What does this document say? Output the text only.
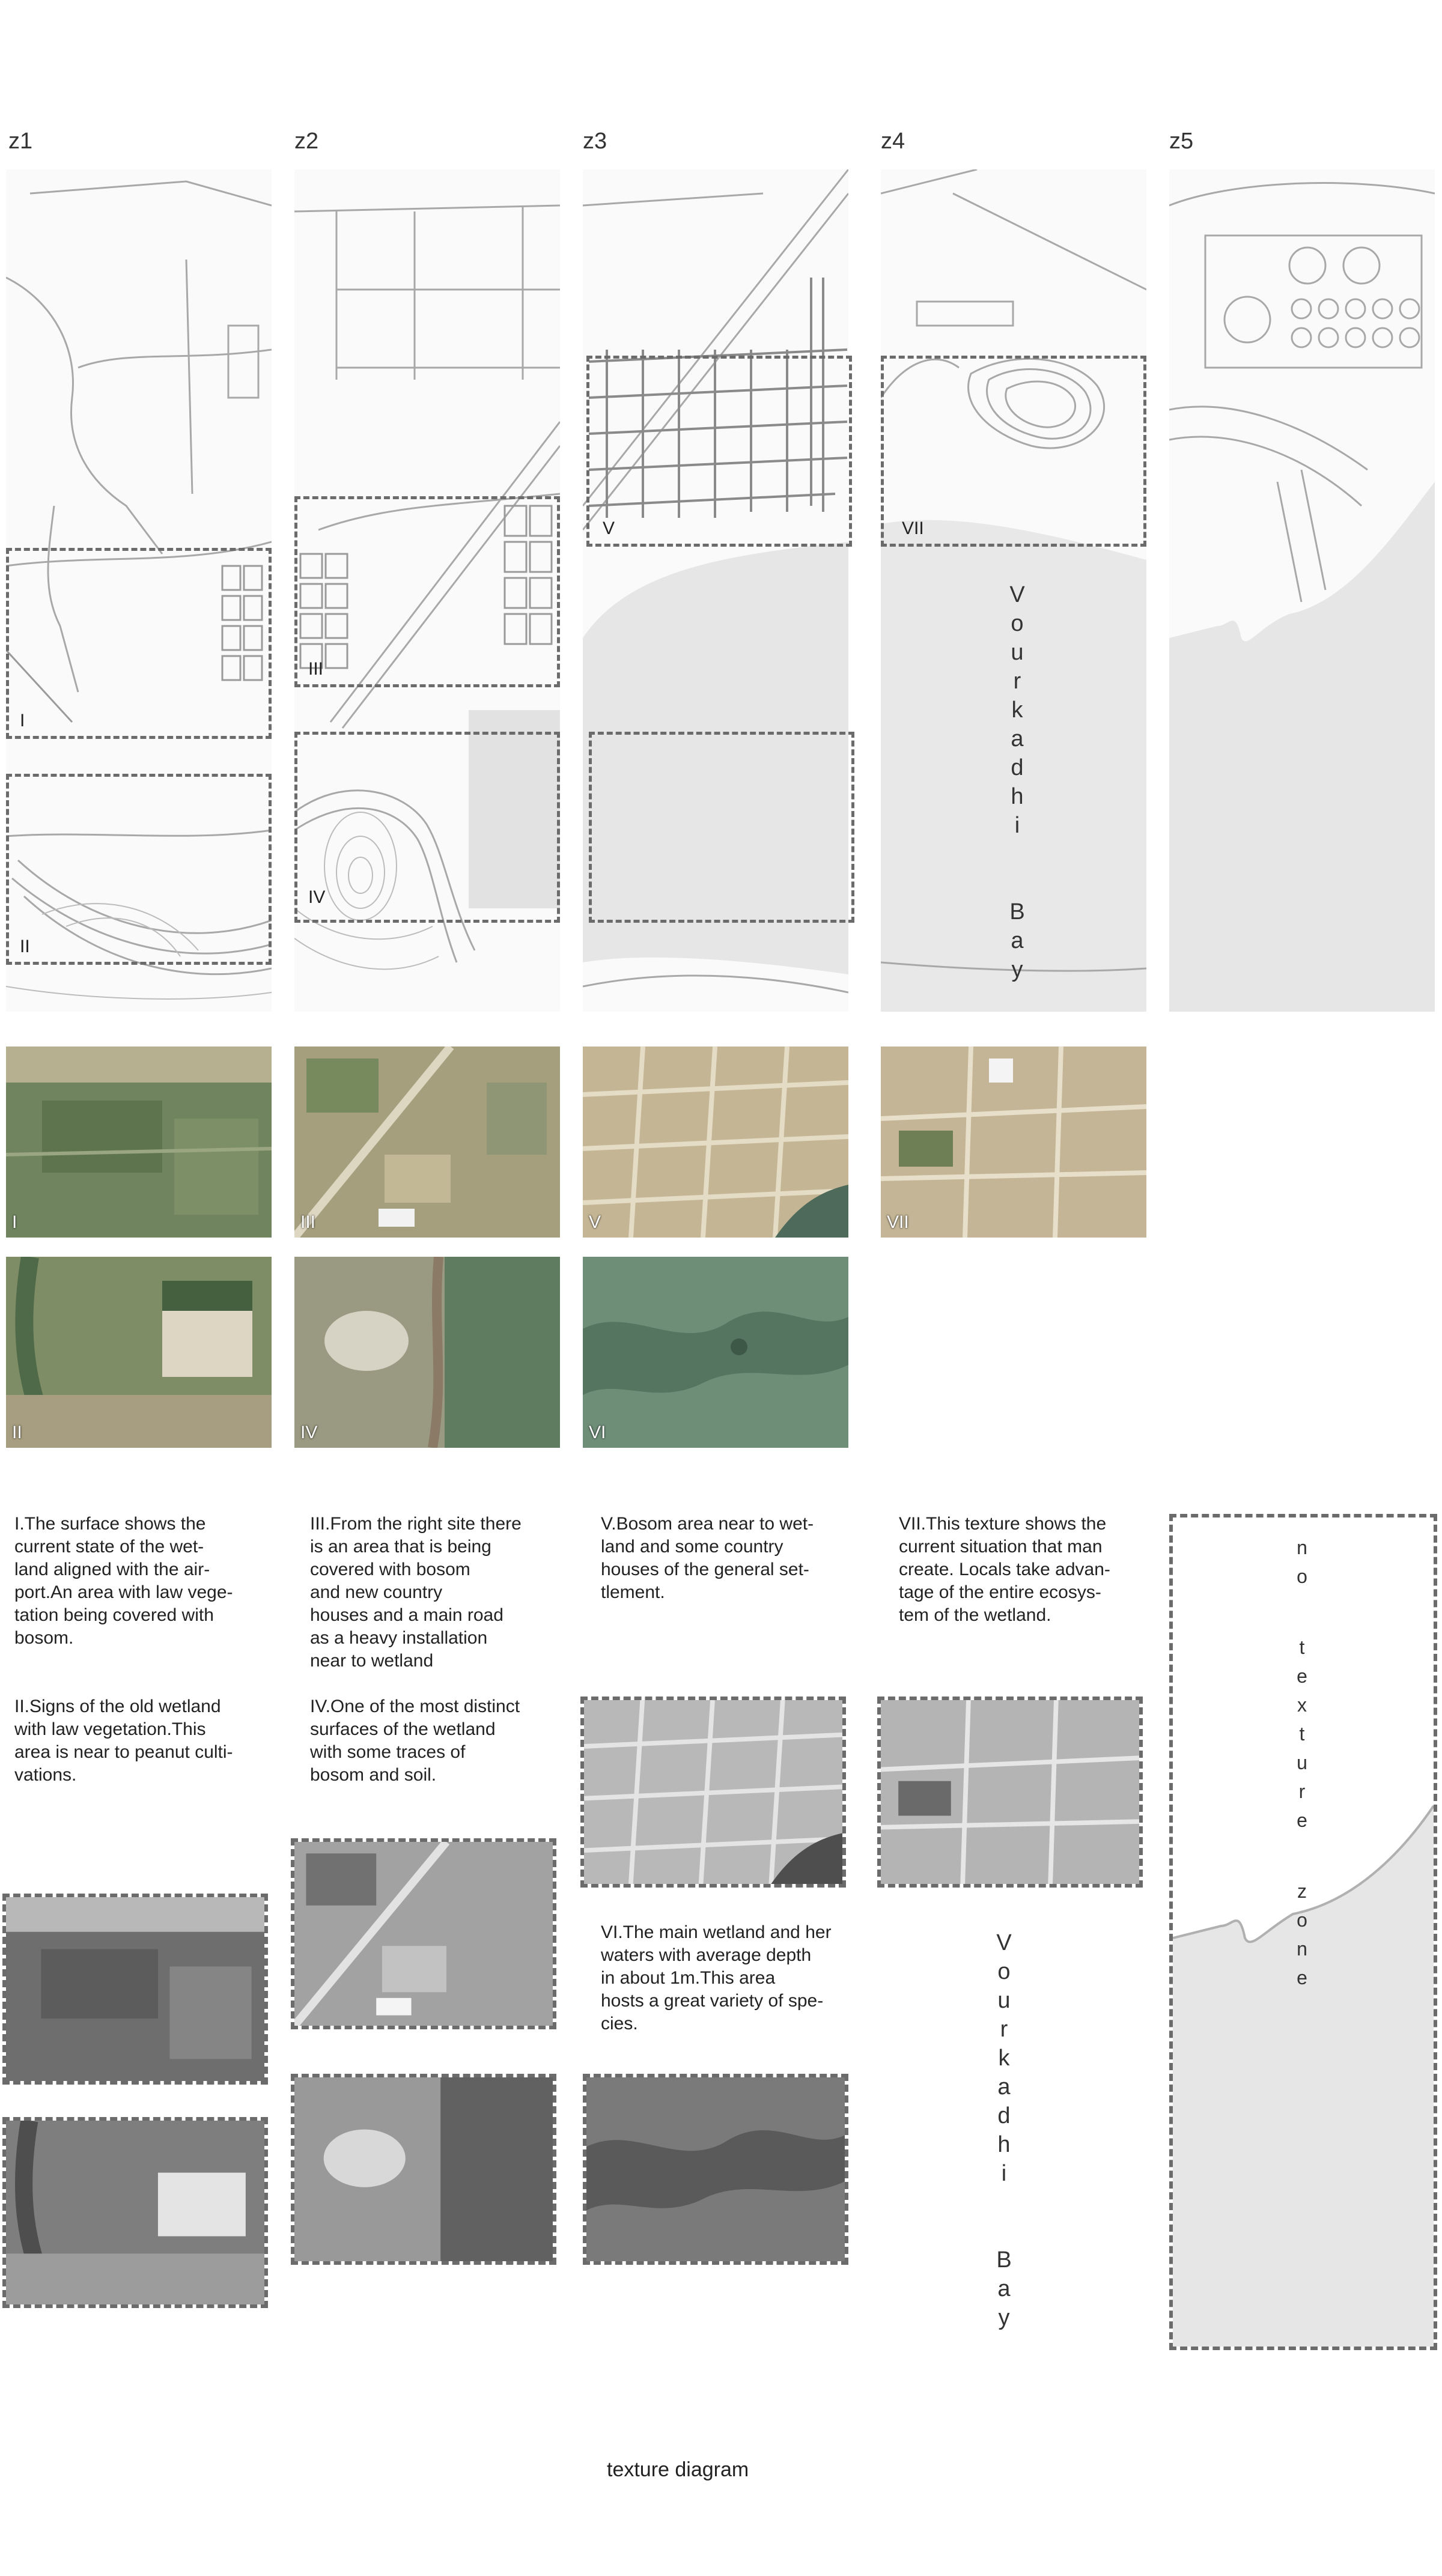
z1	z2	z3	z4	z5
I
II
III
IV
V	VII
V
o
u
r
k
a
d
h
i
B
a
y
I	III	V	VII
II	IV	VI
I.The surface shows the
current state of the wet-
land aligned with the air-
port.An area with law vege-
tation being covered with
bosom.
II.Signs of the old wetland
with law vegetation.This
area is near to peanut culti-
vations.
III.From the right site there
is an area that is being
covered with bosom
and new country
houses and a main road
as a heavy installation
near to wetland
IV.One of the most distinct
surfaces of the wetland
with some traces of
bosom and soil.
V.Bosom area near to wet-
land and some country
houses of the general set-
tlement.
VI.The main wetland and her
waters with average depth
in about 1m.This area
hosts a great variety of spe-
cies.
VII.This texture shows the
current situation that man
create. Locals take advan-
tage of the entire ecosys-
tem of the wetland.
V
o
u
r
k
a
d
h
i
B
a
y
n
o
t
e
x
t
u
r
e
z
o
n
e
texture diagram
